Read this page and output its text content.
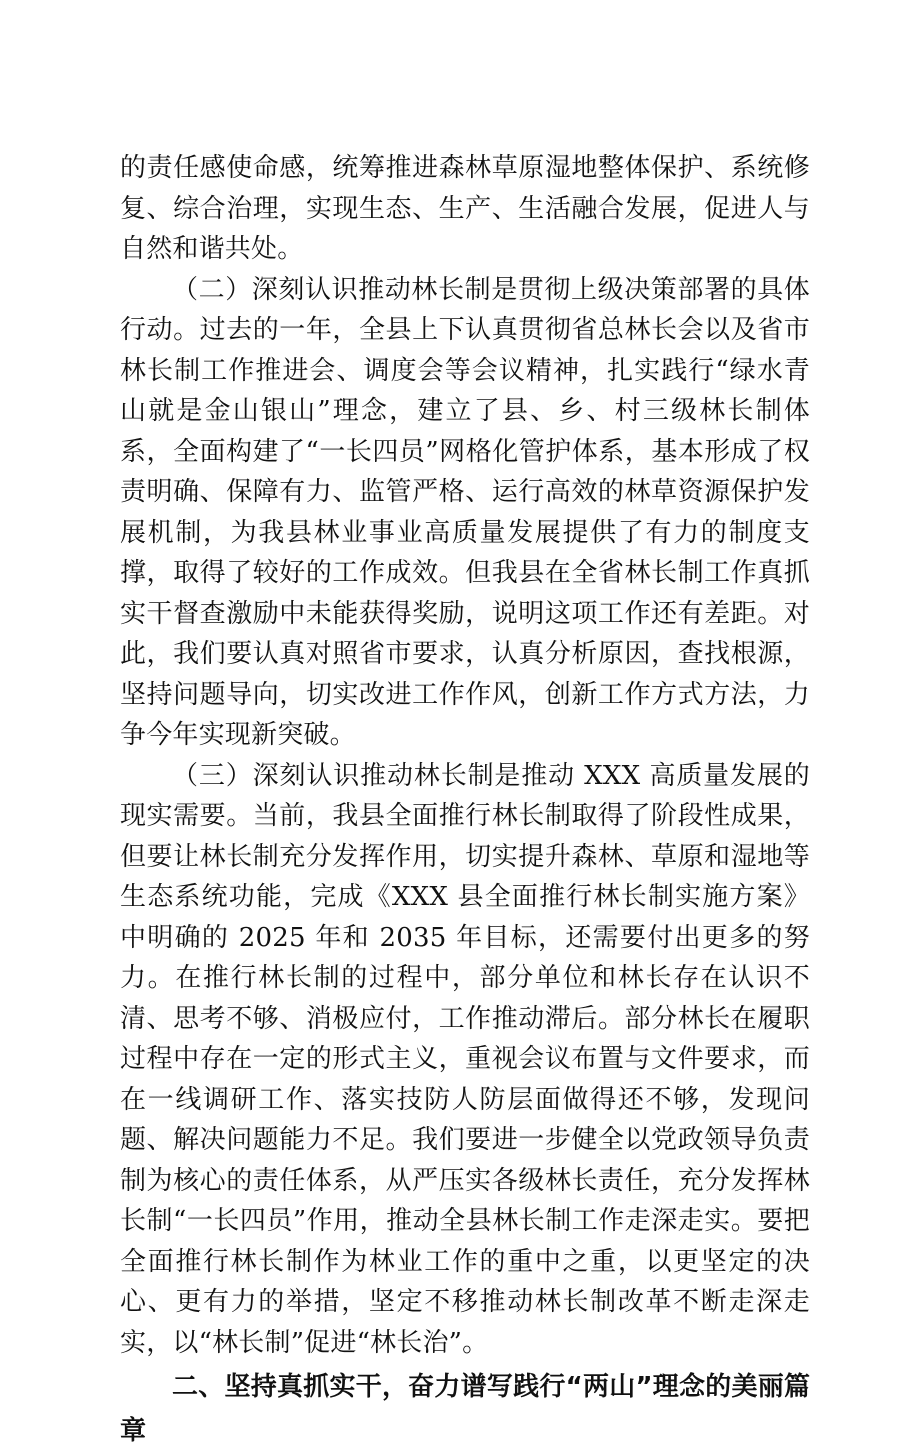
的责任感使命感，统筹推进森林草原湿地整体保护、系统修复、综合治理，实现生态、生产、生活融合发展，促进人与自然和谐共处。

（二）深刻认识推动林长制是贯彻上级决策部署的具体行动。过去的一年，全县上下认真贯彻省总林长会以及省市林长制工作推进会、调度会等会议精神，扎实践行“绿水青山就是金山银山”理念，建立了县、乡、村三级林长制体系，全面构建了“一长四员”网格化管护体系，基本形成了权责明确、保障有力、监管严格、运行高效的林草资源保护发展机制，为我县林业事业高质量发展提供了有力的制度支撑，取得了较好的工作成效。但我县在全省林长制工作真抓实干督查激励中未能获得奖励，说明这项工作还有差距。对此，我们要认真对照省市要求，认真分析原因，查找根源，坚持问题导向，切实改进工作作风，创新工作方式方法，力争今年实现新突破。

（三）深刻认识推动林长制是推动 XXX 高质量发展的现实需要。当前，我县全面推行林长制取得了阶段性成果，但要让林长制充分发挥作用，切实提升森林、草原和湿地等生态系统功能，完成《XXX 县全面推行林长制实施方案》中明确的 2025 年和 2035 年目标，还需要付出更多的努力。在推行林长制的过程中，部分单位和林长存在认识不清、思考不够、消极应付，工作推动滞后。部分林长在履职过程中存在一定的形式主义，重视会议布置与文件要求，而在一线调研工作、落实技防人防层面做得还不够，发现问题、解决问题能力不足。我们要进一步健全以党政领导负责制为核心的责任体系，从严压实各级林长责任，充分发挥林长制“一长四员”作用，推动全县林长制工作走深走实。要把全面推行林长制作为林业工作的重中之重，以更坚定的决心、更有力的举措，坚定不移推动林长制改革不断走深走实，以“林长制”促进“林长治”。

二、坚持真抓实干，奋力谱写践行“两山”理念的美丽篇章
